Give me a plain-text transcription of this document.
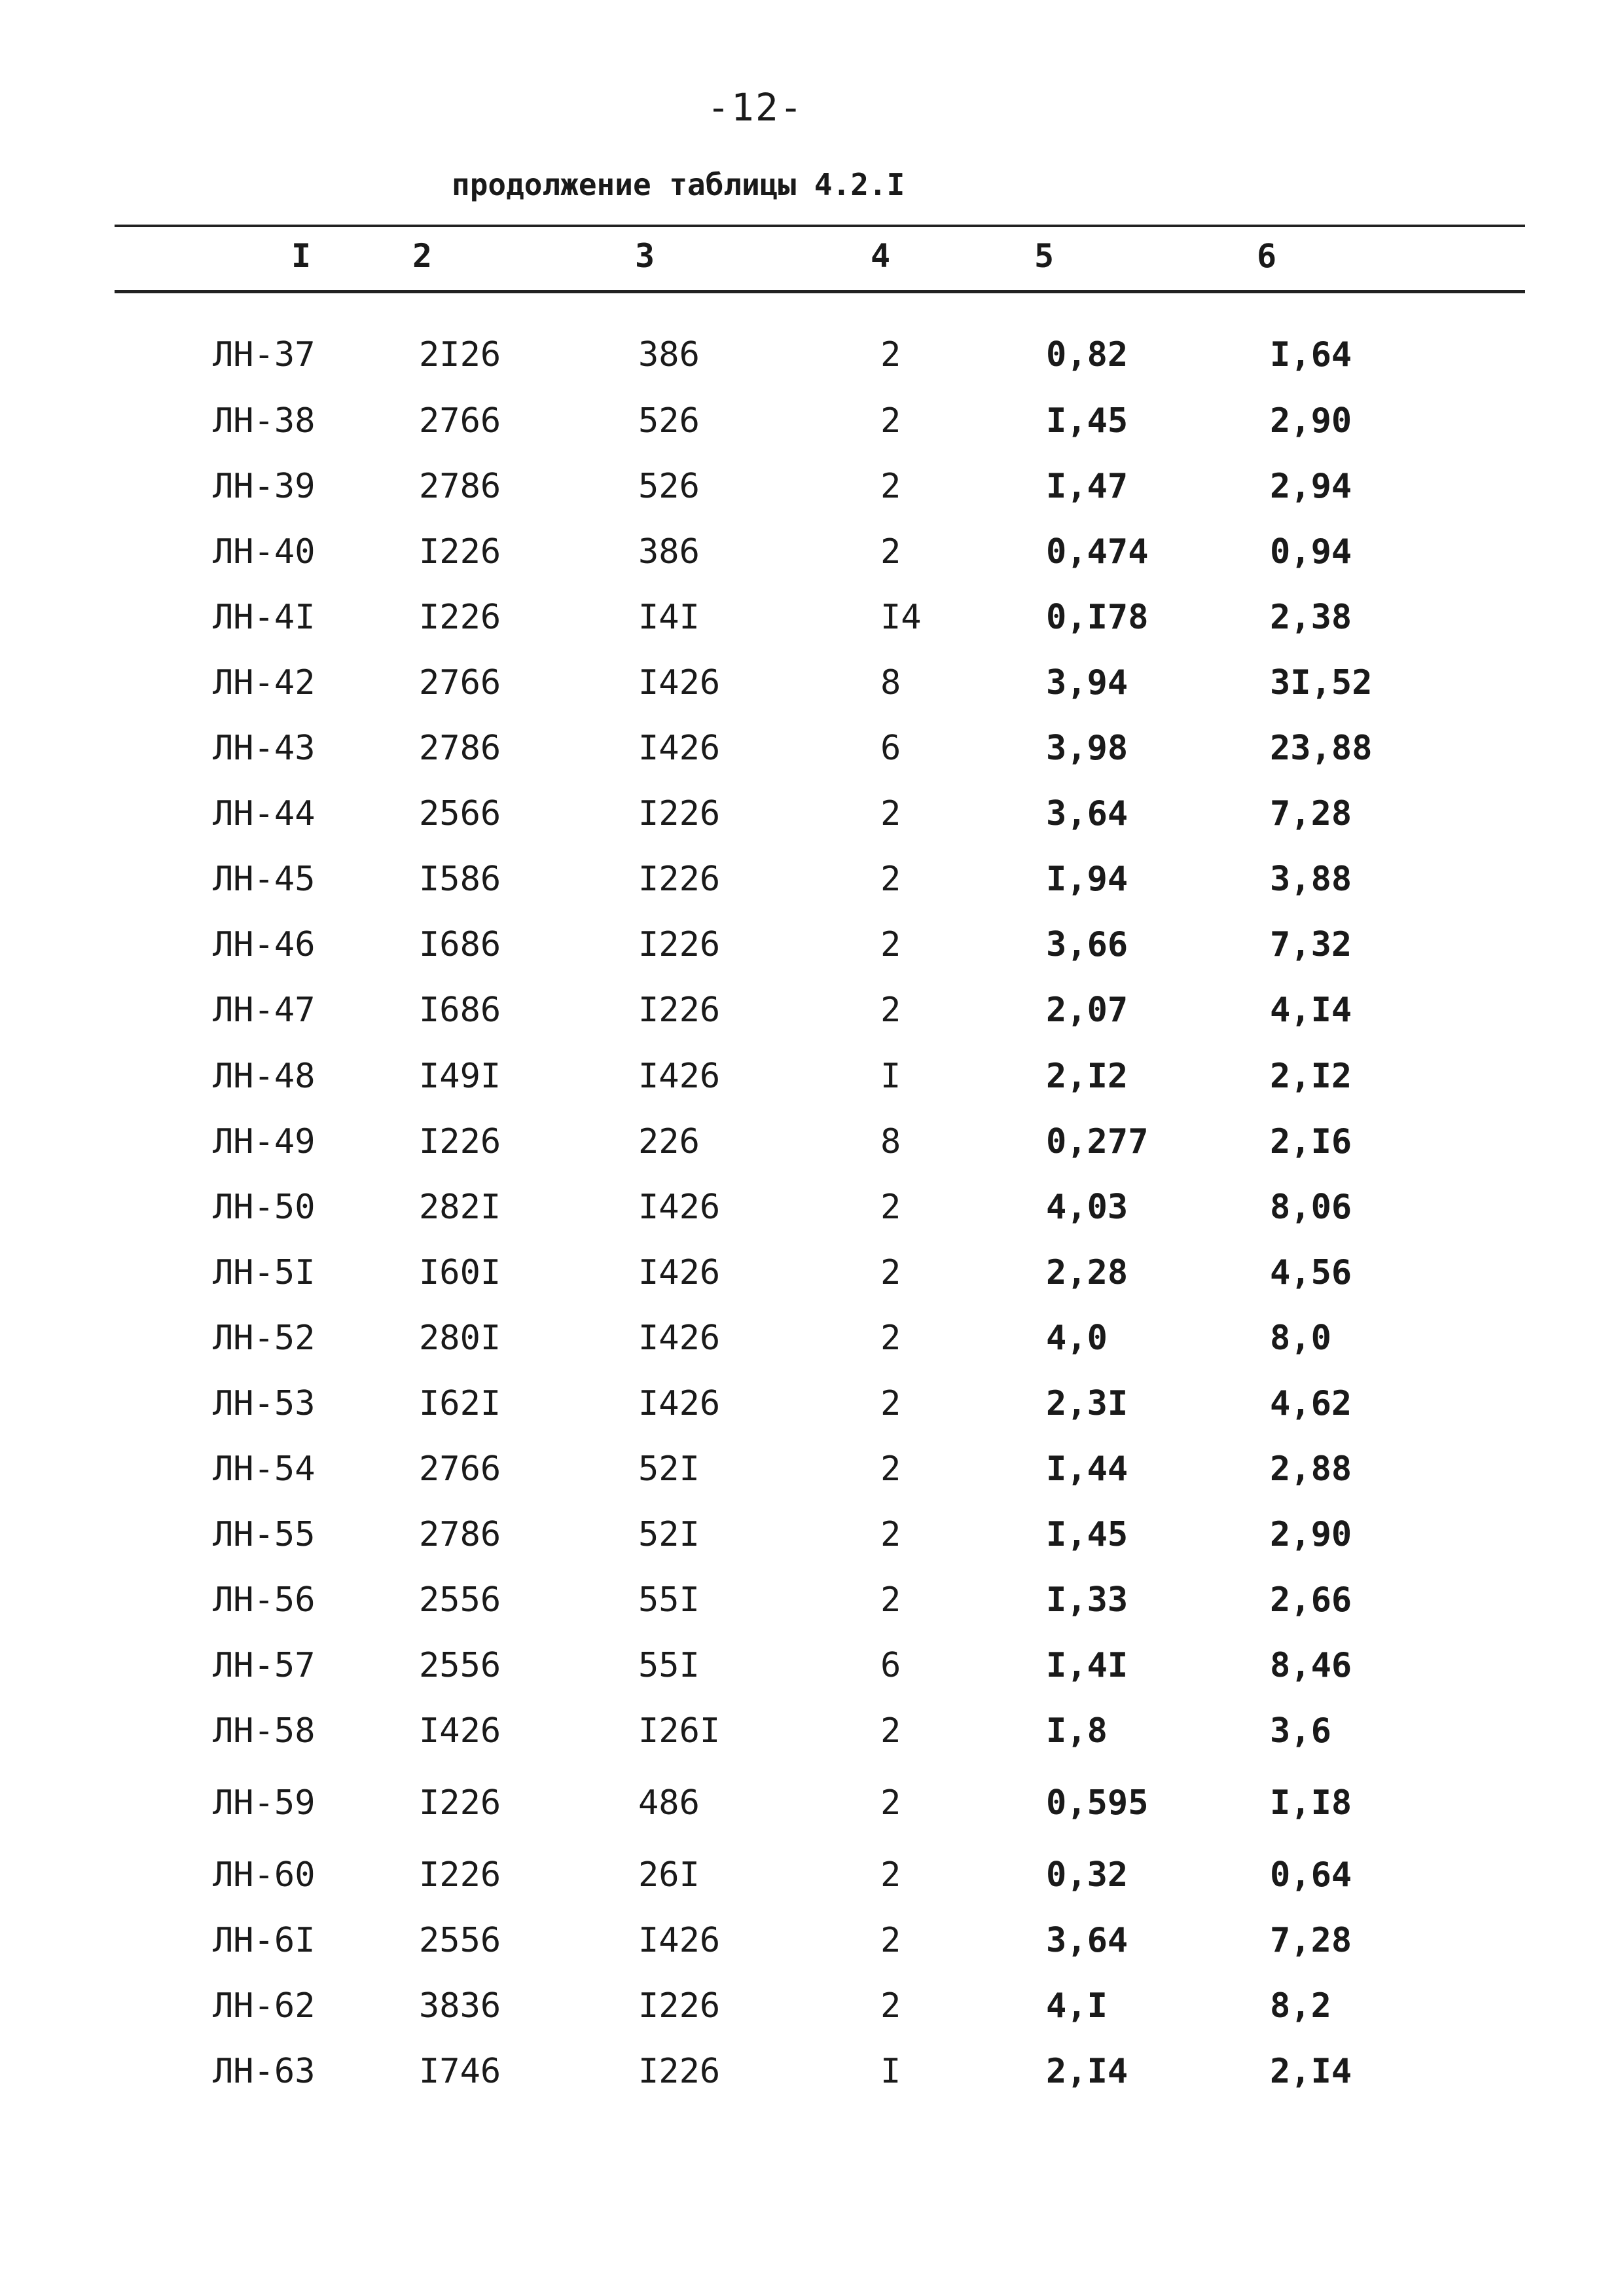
-12-
продолжение таблицы 4.2.I
I	2	3	4	5	6
ЛН-37	2I26	386	2	0,82	I,64
ЛН-38	2766	526	2	I,45	2,90
ЛН-39	2786	526	2	I,47	2,94
ЛН-40	I226	386	2	0,474	0,94
ЛН-4I	I226	I4I	I4	0,I78	2,38
ЛН-42	2766	I426	8	3,94	3I,52
ЛН-43	2786	I426	6	3,98	23,88
ЛН-44	2566	I226	2	3,64	7,28
ЛН-45	I586	I226	2	I,94	3,88
ЛН-46	I686	I226	2	3,66	7,32
ЛН-47	I686	I226	2	2,07	4,I4
ЛН-48	I49I	I426	I	2,I2	2,I2
ЛН-49	I226	226	8	0,277	2,I6
ЛН-50	282I	I426	2	4,03	8,06
ЛН-5I	I60I	I426	2	2,28	4,56
ЛН-52	280I	I426	2	4,0	8,0
ЛН-53	I62I	I426	2	2,3I	4,62
ЛН-54	2766	52I	2	I,44	2,88
ЛН-55	2786	52I	2	I,45	2,90
ЛН-56	2556	55I	2	I,33	2,66
ЛН-57	2556	55I	6	I,4I	8,46
ЛН-58	I426	I26I	2	I,8	3,6
ЛН-59	I226	486	2	0,595	I,I8
ЛН-60	I226	26I	2	0,32	0,64
ЛН-6I	2556	I426	2	3,64	7,28
ЛН-62	3836	I226	2	4,I	8,2
ЛН-63	I746	I226	I	2,I4	2,I4
